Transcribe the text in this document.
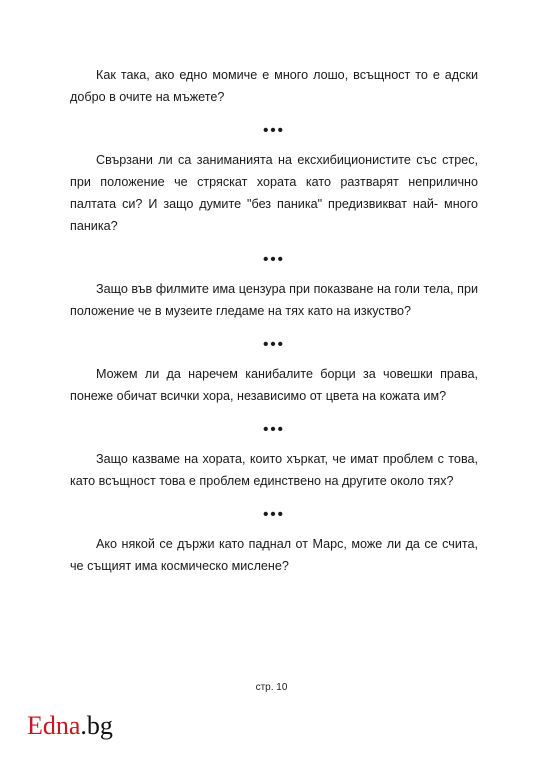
Как така, ако едно момиче е много лошо, всъщност то е адски добро в очите на мъжете?

•••

Свързани ли са заниманията на ексхибиционистите със стрес, при положение че стряскат хората като разтварят неприлично палтата си? И защо думите "без паника" предизвикват най- много паника?

•••

Защо във филмите има цензура при показване на голи тела, при положение че в музеите гледаме на тях като на изкуство?

•••

Можем ли да наречем канибалите борци за човешки права, понеже обичат всички хора, независимо от цвета на кожата им?

•••

Защо казваме на хората, които хъркат, че имат проблем с това, като всъщност това е проблем единствено на другите около тях?

•••

Ако някой се държи като паднал от Марс, може ли да се счита, че същият има космическо мислене?

стр. 10
Edna.bg
